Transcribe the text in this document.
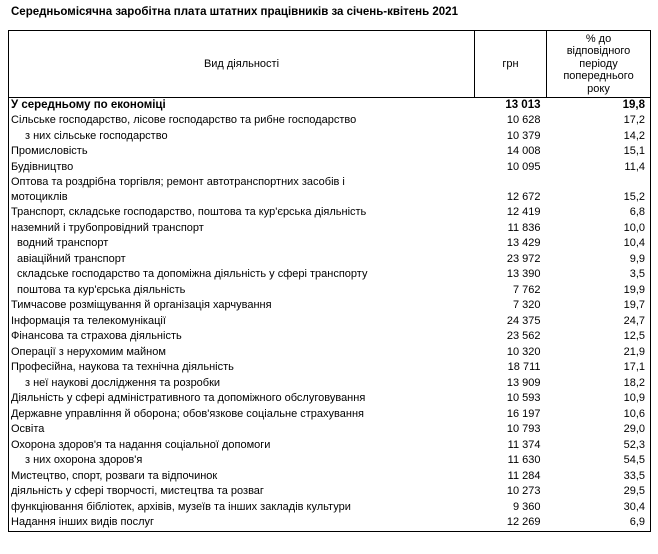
Середньомісячна заробітна плата штатних працівників за січень-квітень 2021
Вид діяльності	грн	% до
відповідного
періоду
попереднього
року

У середньому по економіці	13 013	19,8
Сільське господарство, лісове господарство та рибне господарство	10 628	17,2
з них сільське господарство	10 379	14,2
Промисловість	14 008	15,1
Будівництво	10 095	11,4

Оптова та роздрібна торгівля; ремонт автотранспортних засобів і
мотоциклів	12 672	15,2
Транспорт, складське господарство, поштова та кур'єрська діяльність	12 419	6,8
наземний і трубопровідний транспорт	11 836	10,0
водний транспорт	13 429	10,4
авіаційний транспорт	23 972	9,9
складське господарство та допоміжна діяльність у сфері транспорту	13 390	3,5
поштова та кур'єрська діяльність	7 762	19,9
Тимчасове розміщування й організація харчування	7 320	19,7
Інформація та телекомунікації	24 375	24,7
Фінансова та страхова діяльність	23 562	12,5
Операції з нерухомим майном	10 320	21,9
Професійна, наукова та технічна діяльність	18 711	17,1
з неї наукові дослідження та розробки	13 909	18,2
Діяльність у сфері адміністративного та допоміжного обслуговування	10 593	10,9
Державне управління й оборона; обов'язкове соціальне страхування	16 197	10,6
Освіта	10 793	29,0
Охорона здоров'я та надання соціальної допомоги	11 374	52,3
з них охорона здоров'я	11 630	54,5
Мистецтво, спорт, розваги та відпочинок	11 284	33,5
діяльність у сфері творчості, мистецтва та розваг	10 273	29,5
функціювання бібліотек, архівів, музеїв та інших закладів культури	9 360	30,4
Надання інших видів послуг	12 269	6,9
